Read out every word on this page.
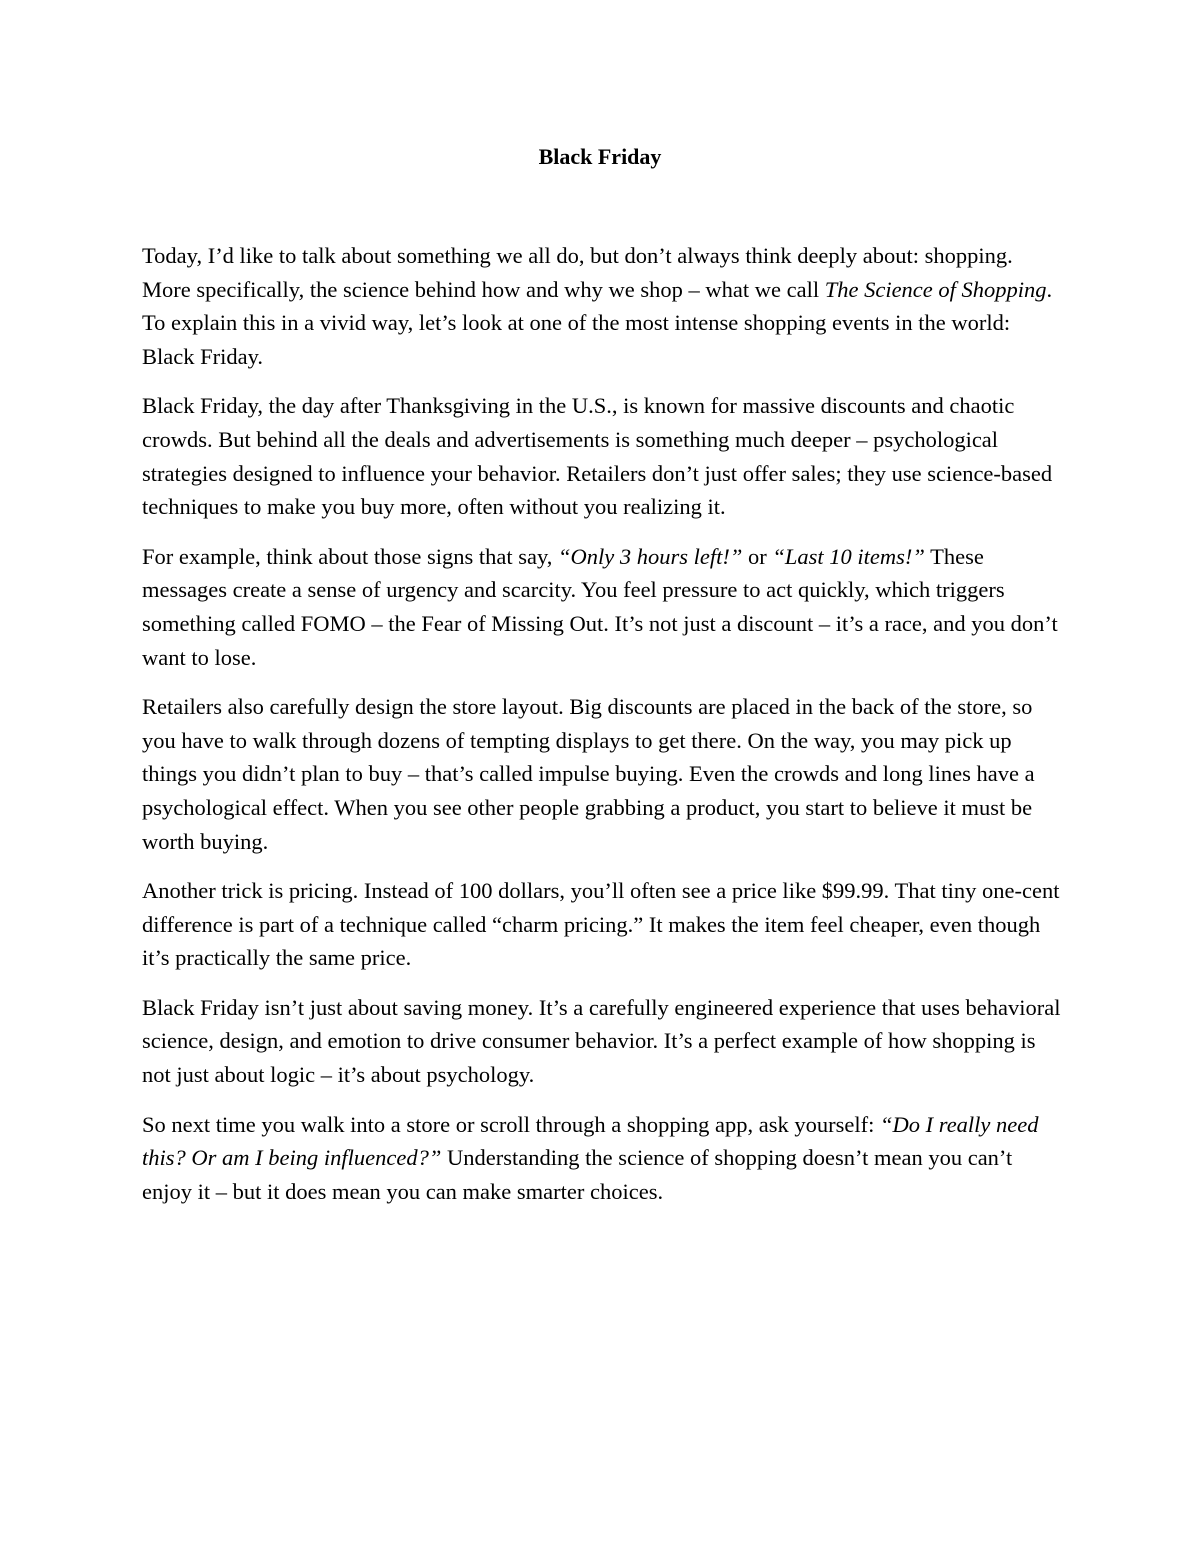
Black Friday

Today, I’d like to talk about something we all do, but don’t always think deeply about: shopping. More specifically, the science behind how and why we shop – what we call The Science of Shopping. To explain this in a vivid way, let’s look at one of the most intense shopping events in the world: Black Friday.

Black Friday, the day after Thanksgiving in the U.S., is known for massive discounts and chaotic crowds. But behind all the deals and advertisements is something much deeper – psychological strategies designed to influence your behavior. Retailers don’t just offer sales; they use science-based techniques to make you buy more, often without you realizing it.

For example, think about those signs that say, “Only 3 hours left!” or “Last 10 items!” These messages create a sense of urgency and scarcity. You feel pressure to act quickly, which triggers something called FOMO – the Fear of Missing Out. It’s not just a discount – it’s a race, and you don’t want to lose.

Retailers also carefully design the store layout. Big discounts are placed in the back of the store, so you have to walk through dozens of tempting displays to get there. On the way, you may pick up things you didn’t plan to buy – that’s called impulse buying. Even the crowds and long lines have a psychological effect. When you see other people grabbing a product, you start to believe it must be worth buying.

Another trick is pricing. Instead of 100 dollars, you’ll often see a price like $99.99. That tiny one-cent difference is part of a technique called “charm pricing.” It makes the item feel cheaper, even though it’s practically the same price.

Black Friday isn’t just about saving money. It’s a carefully engineered experience that uses behavioral science, design, and emotion to drive consumer behavior. It’s a perfect example of how shopping is not just about logic – it’s about psychology.

So next time you walk into a store or scroll through a shopping app, ask yourself: “Do I really need this? Or am I being influenced?” Understanding the science of shopping doesn’t mean you can’t enjoy it – but it does mean you can make smarter choices.
